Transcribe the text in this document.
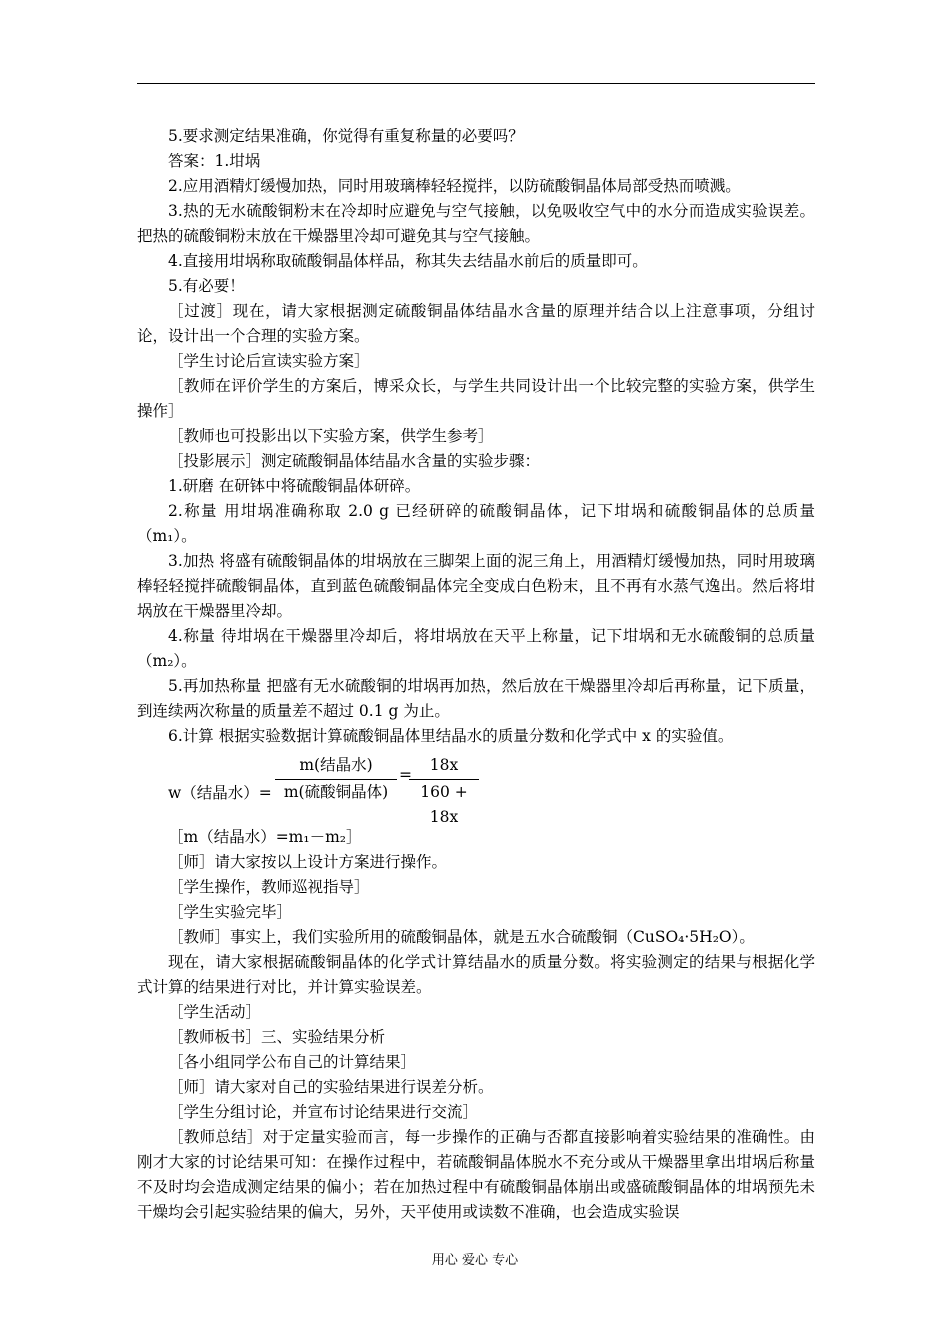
5.要求测定结果准确，你觉得有重复称量的必要吗？

答案：1.坩埚

2.应用酒精灯缓慢加热，同时用玻璃棒轻轻搅拌，以防硫酸铜晶体局部受热而喷溅。

3.热的无水硫酸铜粉末在冷却时应避免与空气接触，以免吸收空气中的水分而造成实验误差。把热的硫酸铜粉末放在干燥器里冷却可避免其与空气接触。

4.直接用坩埚称取硫酸铜晶体样品，称其失去结晶水前后的质量即可。

5.有必要！

［过渡］现在，请大家根据测定硫酸铜晶体结晶水含量的原理并结合以上注意事项，分组讨论，设计出一个合理的实验方案。

［学生讨论后宣读实验方案］

［教师在评价学生的方案后，博采众长，与学生共同设计出一个比较完整的实验方案，供学生操作］

［教师也可投影出以下实验方案，供学生参考］

［投影展示］测定硫酸铜晶体结晶水含量的实验步骤：

1.研磨 在研钵中将硫酸铜晶体研碎。

2.称量 用坩埚准确称取 2.0 g 已经研碎的硫酸铜晶体，记下坩埚和硫酸铜晶体的总质量（m₁）。

3.加热 将盛有硫酸铜晶体的坩埚放在三脚架上面的泥三角上，用酒精灯缓慢加热，同时用玻璃棒轻轻搅拌硫酸铜晶体，直到蓝色硫酸铜晶体完全变成白色粉末，且不再有水蒸气逸出。然后将坩埚放在干燥器里冷却。

4.称量 待坩埚在干燥器里冷却后，将坩埚放在天平上称量，记下坩埚和无水硫酸铜的总质量（m₂）。

5.再加热称量 把盛有无水硫酸铜的坩埚再加热，然后放在干燥器里冷却后再称量，记下质量，到连续两次称量的质量差不超过 0.1 g 为止。

6.计算 根据实验数据计算硫酸铜晶体里结晶水的质量分数和化学式中 x 的实验值。

w（结晶水）=
m(结晶水)
m(硫酸铜晶体)
=
$\frac{18x}{160 + 18x}$

［m（结晶水）=m₁－m₂］

［师］请大家按以上设计方案进行操作。

［学生操作，教师巡视指导］

［学生实验完毕］

［教师］事实上，我们实验所用的硫酸铜晶体，就是五水合硫酸铜（CuSO₄·5H₂O）。

现在，请大家根据硫酸铜晶体的化学式计算结晶水的质量分数。将实验测定的结果与根据化学式计算的结果进行对比，并计算实验误差。

［学生活动］

［教师板书］三、实验结果分析

［各小组同学公布自己的计算结果］

［师］请大家对自己的实验结果进行误差分析。

［学生分组讨论，并宣布讨论结果进行交流］

［教师总结］对于定量实验而言，每一步操作的正确与否都直接影响着实验结果的准确性。由刚才大家的讨论结果可知：在操作过程中，若硫酸铜晶体脱水不充分或从干燥器里拿出坩埚后称量不及时均会造成测定结果的偏小；若在加热过程中有硫酸铜晶体崩出或盛硫酸铜晶体的坩埚预先未干燥均会引起实验结果的偏大，另外，天平使用或读数不准确，也会造成实验误

用心 爱心 专心
